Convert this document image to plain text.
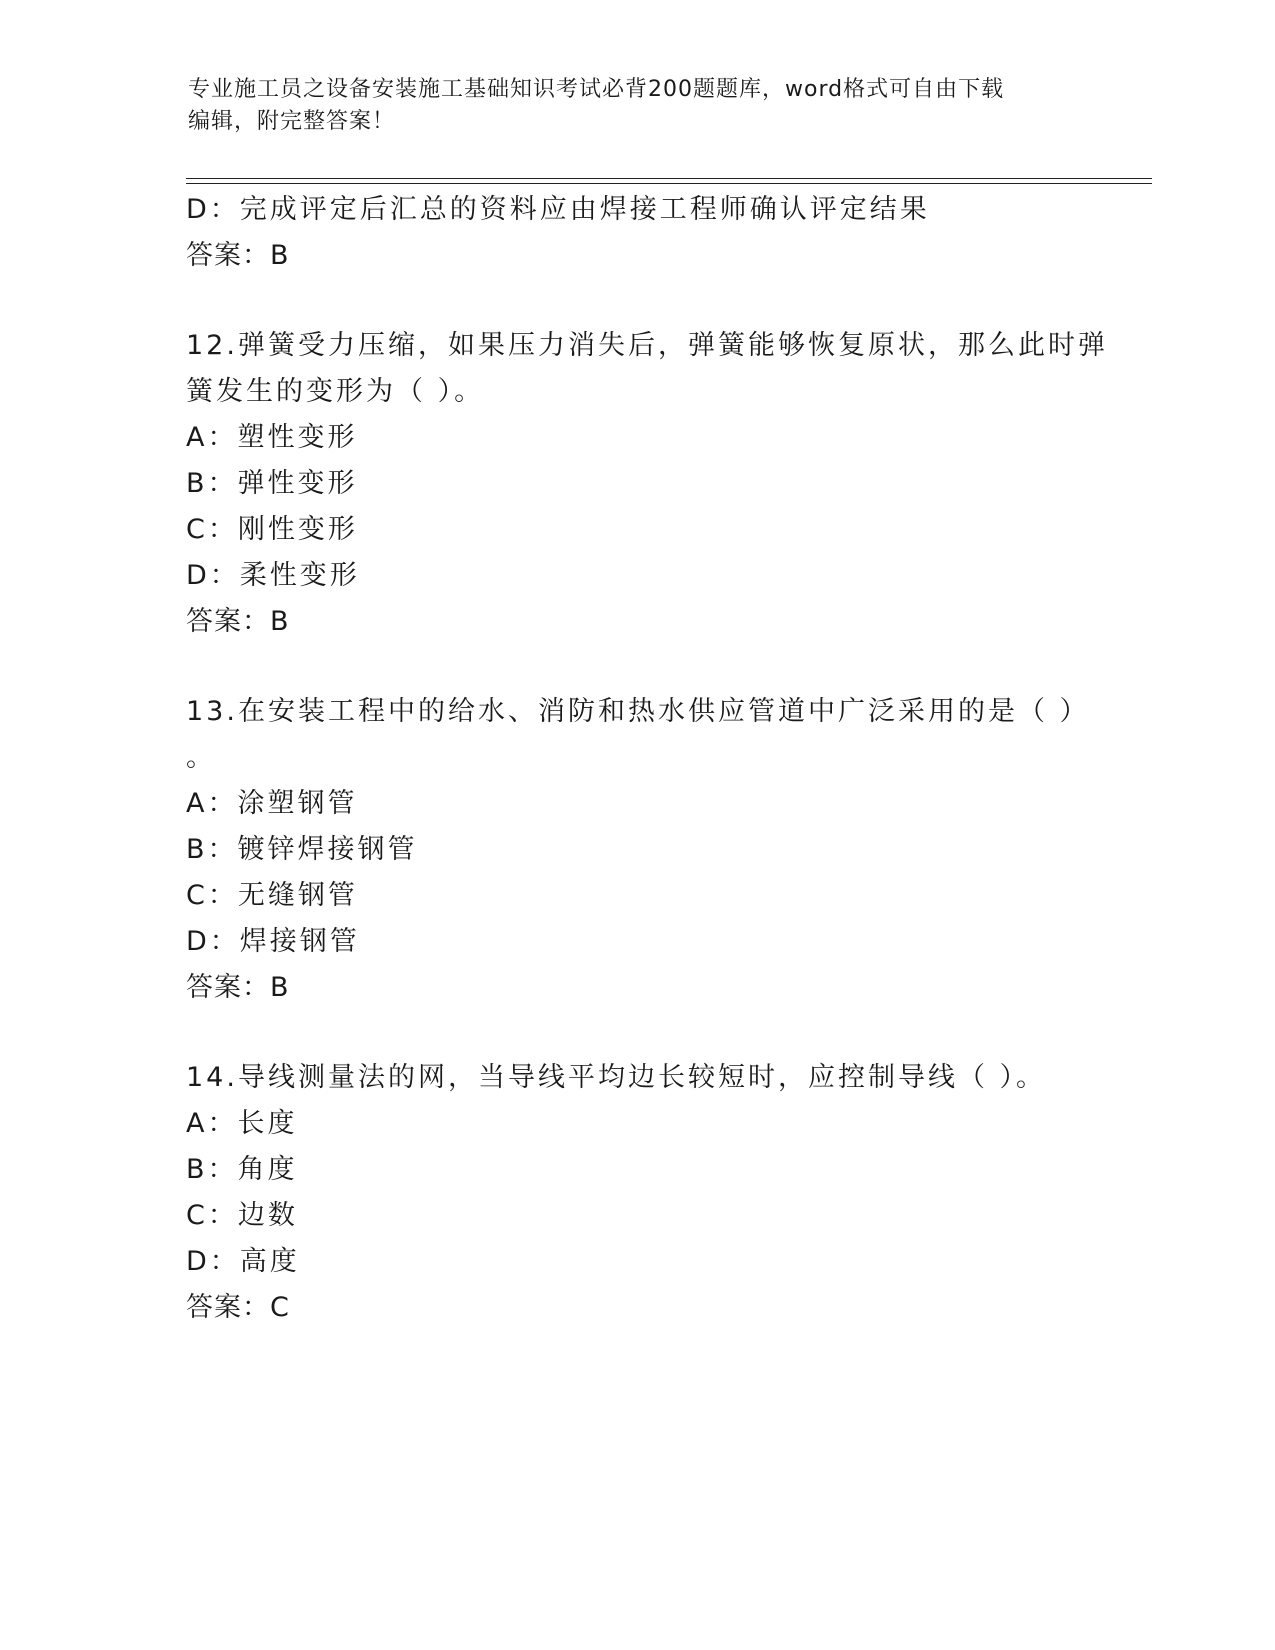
专业施工员之设备安装施工基础知识考试必背200题题库，word格式可自由下载
编辑，附完整答案！
D：完成评定后汇总的资料应由焊接工程师确认评定结果
答案：B
12.弹簧受力压缩，如果压力消失后，弹簧能够恢复原状，那么此时弹
簧发生的变形为（ ）。
A：塑性变形
B：弹性变形
C：刚性变形
D：柔性变形
答案：B
13.在安装工程中的给水、消防和热水供应管道中广泛采用的是（ ）
。
A：涂塑钢管
B：镀锌焊接钢管
C：无缝钢管
D：焊接钢管
答案：B
14.导线测量法的网，当导线平均边长较短时，应控制导线（ ）。
A：长度
B：角度
C：边数
D：高度
答案：C
